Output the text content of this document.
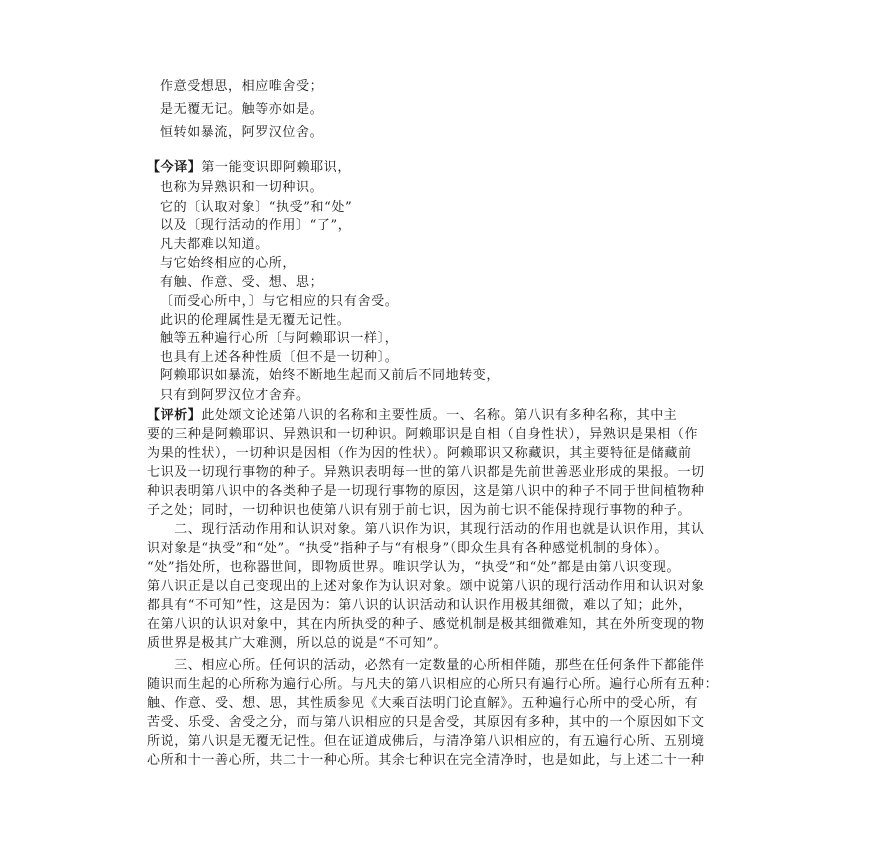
作意受想思，相应唯舍受；
是无覆无记。触等亦如是。
恒转如暴流，阿罗汉位舍。
【今译】第一能变识即阿赖耶识，
也称为异熟识和一切种识。
它的〔认取对象〕“执受”和“处”
以及〔现行活动的作用〕“了”，
凡夫都难以知道。
与它始终相应的心所，
有触、作意、受、想、思；
〔而受心所中，〕与它相应的只有舍受。
此识的伦理属性是无覆无记性。
触等五种遍行心所〔与阿赖耶识一样〕，
也具有上述各种性质〔但不是一切种〕。
阿赖耶识如暴流，始终不断地生起而又前后不同地转变，
只有到阿罗汉位才舍弃。
【评析】此处颂文论述第八识的名称和主要性质。一、名称。第八识有多种名称，其中主
要的三种是阿赖耶识、异熟识和一切种识。阿赖耶识是自相（自身性状），异熟识是果相（作
为果的性状），一切种识是因相（作为因的性状）。阿赖耶识又称藏识，其主要特征是储藏前
七识及一切现行事物的种子。异熟识表明每一世的第八识都是先前世善恶业形成的果报。一切
种识表明第八识中的各类种子是一切现行事物的原因，这是第八识中的种子不同于世间植物种
子之处；同时，一切种识也使第八识有别于前七识，因为前七识不能保持现行事物的种子。
　　二、现行活动作用和认识对象。第八识作为识，其现行活动的作用也就是认识作用，其认
识对象是“执受”和“处”。“执受”指种子与“有根身”（即众生具有各种感觉机制的身体）。
“处”指处所，也称器世间，即物质世界。唯识学认为，“执受”和“处”都是由第八识变现。
第八识正是以自己变现出的上述对象作为认识对象。颂中说第八识的现行活动作用和认识对象
都具有“不可知”性，这是因为：第八识的认识活动和认识作用极其细微，难以了知；此外，
在第八识的认识对象中，其在内所执受的种子、感觉机制是极其细微难知，其在外所变现的物
质世界是极其广大难测，所以总的说是“不可知”。
　　三、相应心所。任何识的活动，必然有一定数量的心所相伴随，那些在任何条件下都能伴
随识而生起的心所称为遍行心所。与凡夫的第八识相应的心所只有遍行心所。遍行心所有五种：
触、作意、受、想、思，其性质参见《大乘百法明门论直解》。五种遍行心所中的受心所，有
苦受、乐受、舍受之分，而与第八识相应的只是舍受，其原因有多种，其中的一个原因如下文
所说，第八识是无覆无记性。但在证道成佛后，与清净第八识相应的，有五遍行心所、五别境
心所和十一善心所，共二十一种心所。其余七种识在完全清净时，也是如此，与上述二十一种
